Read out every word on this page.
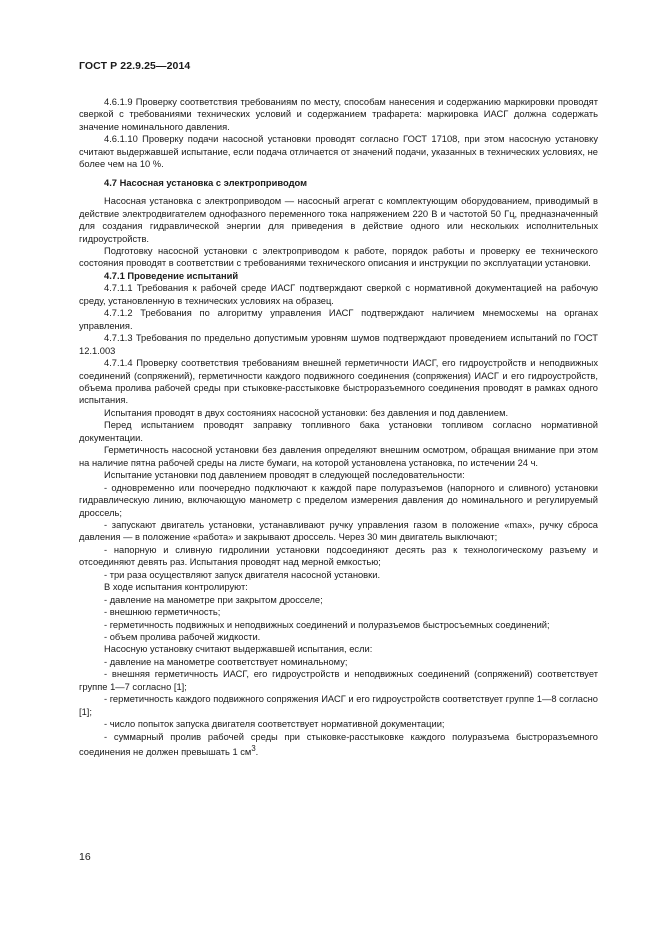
ГОСТ Р 22.9.25—2014

4.6.1.9 Проверку соответствия требованиям по месту, способам нанесения и содержанию маркировки проводят сверкой с требованиями технических условий и содержанием трафарета: маркировка ИАСГ должна содержать значение номинального давления.

4.6.1.10 Проверку подачи насосной установки проводят согласно ГОСТ 17108, при этом насосную установку считают выдержавшей испытание, если подача отличается от значений подачи, указанных в технических условиях, не более чем на 10 %.

4.7 Насосная установка с электроприводом

Насосная установка с электроприводом — насосный агрегат с комплектующим оборудованием, приводимый в действие электродвигателем однофазного переменного тока напряжением 220 В и частотой 50 Гц, предназначенный для создания гидравлической энергии для приведения в действие одного или нескольких исполнительных гидроустройств.

Подготовку насосной установки с электроприводом к работе, порядок работы и проверку ее технического состояния проводят в соответствии с требованиями технического описания и инструкции по эксплуатации установки.

4.7.1 Проведение испытаний

4.7.1.1 Требования к рабочей среде ИАСГ подтверждают сверкой с нормативной документацией на рабочую среду, установленную в технических условиях на образец.

4.7.1.2 Требования по алгоритму управления ИАСГ подтверждают наличием мнемосхемы на органах управления.

4.7.1.3 Требования по предельно допустимым уровням шумов подтверждают проведением испытаний по ГОСТ 12.1.003

4.7.1.4 Проверку соответствия требованиям внешней герметичности ИАСГ, его гидроустройств и неподвижных соединений (сопряжений), герметичности каждого подвижного соединения (сопряжения) ИАСГ и его гидроустройств, объема пролива рабочей среды при стыковке-расстыковке быстроразъемного соединения проводят в рамках одного испытания.

Испытания проводят в двух состояниях насосной установки: без давления и под давлением.

Перед испытанием проводят заправку топливного бака установки топливом согласно нормативной документации.

Герметичность насосной установки без давления определяют внешним осмотром, обращая внимание при этом на наличие пятна рабочей среды на листе бумаги, на которой установлена установка, по истечении 24 ч.

Испытание установки под давлением проводят в следующей последовательности:

- одновременно или поочередно подключают к каждой паре полуразъемов (напорного и сливного) установки гидравлическую линию, включающую манометр с пределом измерения давления до номинального и регулируемый дроссель;

- запускают двигатель установки, устанавливают ручку управления газом в положение «max», ручку сброса давления — в положение «работа» и закрывают дроссель. Через 30 мин двигатель выключают;

- напорную и сливную гидролинии установки подсоединяют десять раз к технологическому разъему и отсоединяют девять раз. Испытания проводят над мерной емкостью;

- три раза осуществляют запуск двигателя насосной установки.

В ходе испытания контролируют:

- давление на манометре при закрытом дросселе;

- внешнюю герметичность;

- герметичность подвижных и неподвижных соединений и полуразъемов быстросъемных соединений;

- объем пролива рабочей жидкости.

Насосную установку считают выдержавшей испытания, если:

- давление на манометре соответствует номинальному;

- внешняя герметичность ИАСГ, его гидроустройств и неподвижных соединений (сопряжений) соответствует группе 1—7 согласно [1];

- герметичность каждого подвижного сопряжения ИАСГ и его гидроустройств соответствует группе 1—8 согласно [1];

- число попыток запуска двигателя соответствует нормативной документации;

- суммарный пролив рабочей среды при стыковке-расстыковке каждого полуразъема быстроразъемного соединения не должен превышать 1 $см^3$.

16
